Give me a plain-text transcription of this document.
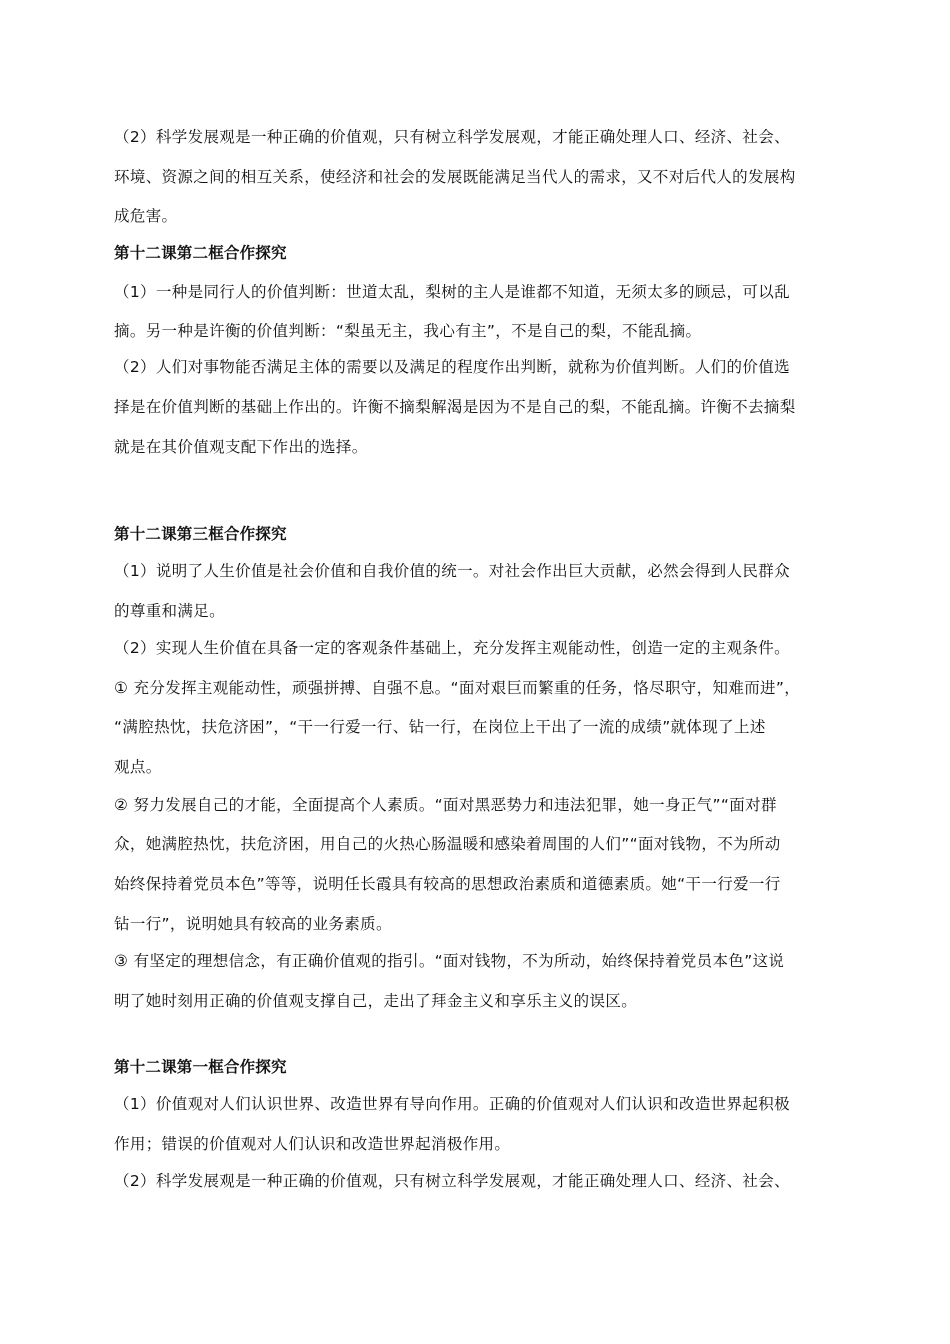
（2）科学发展观是一种正确的价值观，只有树立科学发展观，才能正确处理人口、经济、社会、
环境、资源之间的相互关系，使经济和社会的发展既能满足当代人的需求，又不对后代人的发展构
成危害。
第十二课第二框合作探究
（1）一种是同行人的价值判断：世道太乱，梨树的主人是谁都不知道，无须太多的顾忌，可以乱
摘。另一种是许衡的价值判断：“梨虽无主，我心有主”，不是自己的梨，不能乱摘。
（2）人们对事物能否满足主体的需要以及满足的程度作出判断，就称为价值判断。人们的价值选
择是在价值判断的基础上作出的。许衡不摘梨解渴是因为不是自己的梨，不能乱摘。许衡不去摘梨
就是在其价值观支配下作出的选择。
第十二课第三框合作探究
（1）说明了人生价值是社会价值和自我价值的统一。对社会作出巨大贡献，必然会得到人民群众
的尊重和满足。
（2）实现人生价值在具备一定的客观条件基础上，充分发挥主观能动性，创造一定的主观条件。
① 充分发挥主观能动性，顽强拼搏、自强不息。“面对艰巨而繁重的任务，恪尽职守，知难而进”，
“满腔热忱，扶危济困”，“干一行爱一行、钻一行，在岗位上干出了一流的成绩”就体现了上述
观点。
② 努力发展自己的才能，全面提高个人素质。“面对黑恶势力和违法犯罪，她一身正气”“面对群
众，她满腔热忱，扶危济困，用自己的火热心肠温暖和感染着周围的人们”“面对钱物，不为所动
始终保持着党员本色”等等，说明任长霞具有较高的思想政治素质和道德素质。她“干一行爱一行
钻一行”，说明她具有较高的业务素质。
③ 有坚定的理想信念，有正确价值观的指引。“面对钱物，不为所动，始终保持着党员本色”这说
明了她时刻用正确的价值观支撑自己，走出了拜金主义和享乐主义的误区。
第十二课第一框合作探究
（1）价值观对人们认识世界、改造世界有导向作用。正确的价值观对人们认识和改造世界起积极
作用；错误的价值观对人们认识和改造世界起消极作用。
（2）科学发展观是一种正确的价值观，只有树立科学发展观，才能正确处理人口、经济、社会、
